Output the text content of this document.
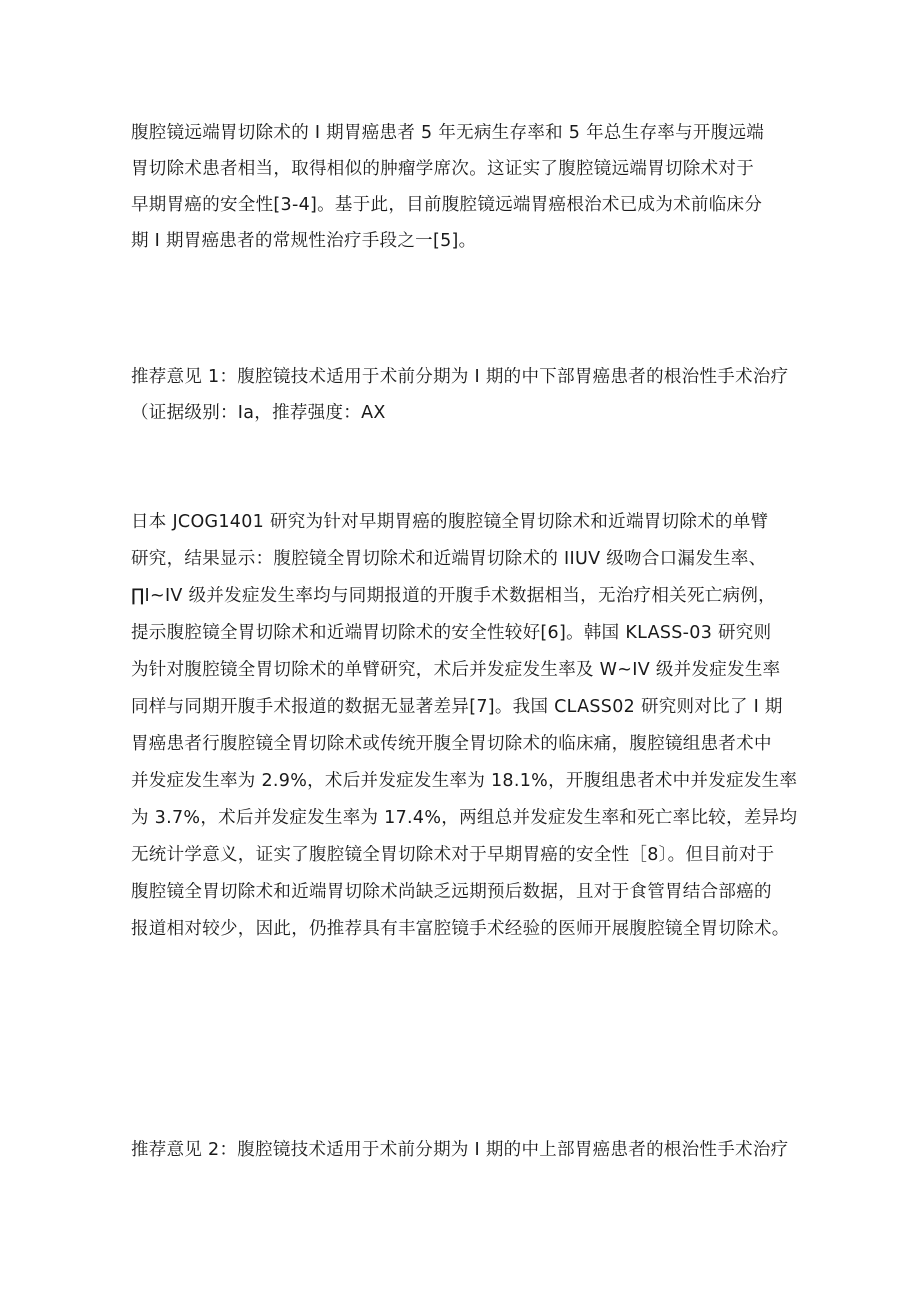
腹腔镜远端胃切除术的 I 期胃癌患者 5 年无病生存率和 5 年总生存率与开腹远端
胃切除术患者相当，取得相似的肿瘤学席次。这证实了腹腔镜远端胃切除术对于
早期胃癌的安全性[3-4]。基于此，目前腹腔镜远端胃癌根治术已成为术前临床分
期 I 期胃癌患者的常规性治疗手段之一[5]。
推荐意见 1：腹腔镜技术适用于术前分期为 I 期的中下部胃癌患者的根治性手术治疗
（证据级别：Ia，推荐强度：AX
日本 JCOG1401 研究为针对早期胃癌的腹腔镜全胃切除术和近端胃切除术的单臂
研究，结果显示：腹腔镜全胃切除术和近端胃切除术的 IIUV 级吻合口漏发生率、
∏I~IV 级并发症发生率均与同期报道的开腹手术数据相当，无治疗相关死亡病例，
提示腹腔镜全胃切除术和近端胃切除术的安全性较好[6]。韩国 KLASS-03 研究则
为针对腹腔镜全胃切除术的单臂研究，术后并发症发生率及 W~IV 级并发症发生率
同样与同期开腹手术报道的数据无显著差异[7]。我国 CLASS02 研究则对比了 I 期
胃癌患者行腹腔镜全胃切除术或传统开腹全胃切除术的临床痛，腹腔镜组患者术中
并发症发生率为 2.9%，术后并发症发生率为 18.1%，开腹组患者术中并发症发生率
为 3.7%，术后并发症发生率为 17.4%，两组总并发症发生率和死亡率比较，差异均
无统计学意义，证实了腹腔镜全胃切除术对于早期胃癌的安全性［8〕。但目前对于
腹腔镜全胃切除术和近端胃切除术尚缺乏远期预后数据，且对于食管胃结合部癌的
报道相对较少，因此，仍推荐具有丰富腔镜手术经验的医师开展腹腔镜全胃切除术。
推荐意见 2：腹腔镜技术适用于术前分期为 I 期的中上部胃癌患者的根治性手术治疗
